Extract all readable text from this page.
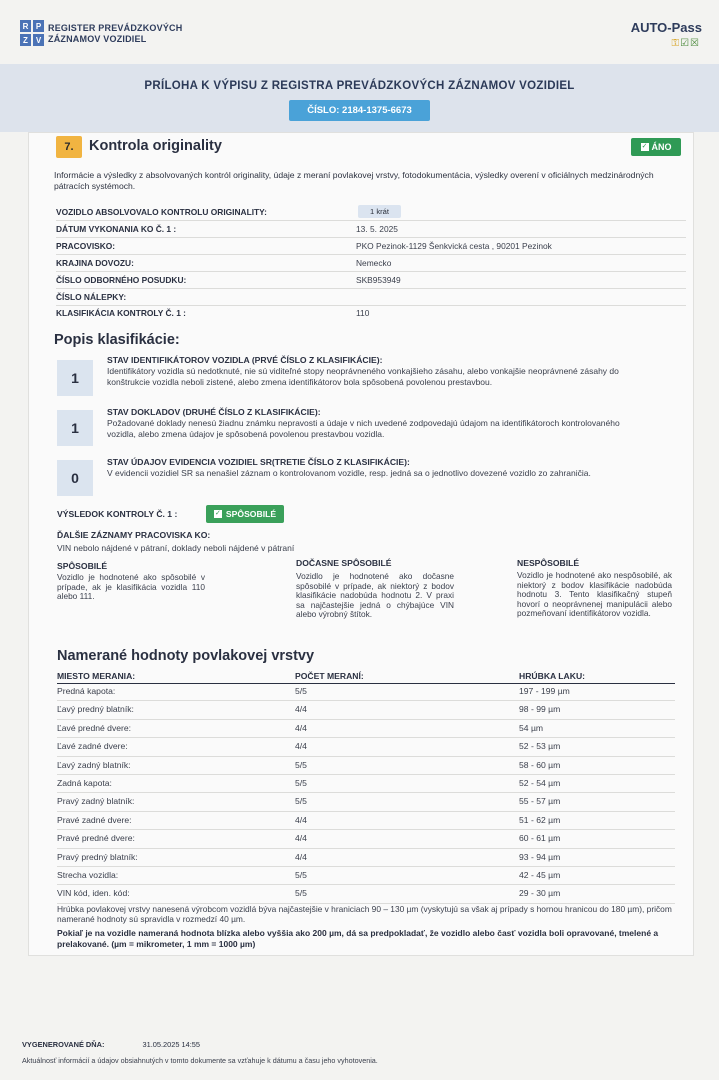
R P
Z V
REGISTER PREVÁDZKOVÝCH
ZÁZNAMOV VOZIDIEL
AUTO-Pass
⚿☑☒
PRÍLOHA K VÝPISU Z REGISTRA PREVÁDZKOVÝCH ZÁZNAMOV VOZIDIEL
ČÍSLO: 2184-1375-6673
7.	Kontrola originality	✓ ÁNO
Informácie a výsledky z absolvovaných kontról originality, údaje z meraní povlakovej vrstvy, fotodokumentácia, výsledky overení v oficiálnych medzinárodných pátracích systémoch.
VOZIDLO ABSOLVOVALO KONTROLU ORIGINALITY:	1 krát
DÁTUM VYKONANIA KO Č. 1 :	13. 5. 2025
PRACOVISKO:	PKO Pezinok-1129 Šenkvická cesta , 90201 Pezinok
KRAJINA DOVOZU:	Nemecko
ČÍSLO ODBORNÉHO POSUDKU:	SKB953949
ČÍSLO NÁLEPKY:
KLASIFIKÁCIA KONTROLY Č. 1 :	110
Popis klasifikácie:
1
STAV IDENTIFIKÁTOROV VOZIDLA (PRVÉ ČÍSLO Z KLASIFIKÁCIE):
Identifikátory vozidla sú nedotknuté, nie sú viditeľné stopy neoprávneného vonkajšieho zásahu, alebo vonkajšie neoprávnené zásahy do konštrukcie vozidla neboli zistené, alebo zmena identifikátorov bola spôsobená povolenou prestavbou.
1
STAV DOKLADOV (DRUHÉ ČÍSLO Z KLASIFIKÁCIE):
Požadované doklady nenesú žiadnu známku nepravosti a údaje v nich uvedené zodpovedajú údajom na identifikátoroch kontrolovaného vozidla, alebo zmena údajov je spôsobená povolenou prestavbou vozidla.
0
STAV ÚDAJOV EVIDENCIA VOZIDIEL SR(TRETIE ČÍSLO Z KLASIFIKÁCIE):
V evidencii vozidiel SR sa nenašiel záznam o kontrolovanom vozidle, resp. jedná sa o jednotlivo dovezené vozidlo zo zahraničia.
VÝSLEDOK KONTROLY Č. 1 :	✓ SPÔSOBILÉ
ĎALŠIE ZÁZNAMY PRACOVISKA KO:
VIN nebolo nájdené v pátraní, doklady neboli nájdené v pátraní
SPÔSOBILÉ
Vozidlo je hodnotené ako spôsobilé v prípade, ak je klasifikácia vozidla 110 alebo 111.
DOČASNE SPÔSOBILÉ
Vozidlo je hodnotené ako dočasne spôsobilé v prípade, ak niektorý z bodov klasifikácie nadobúda hodnotu 2. V praxi sa najčastejšie jedná o chýbajúce VIN alebo výrobný štítok.
NESPÔSOBILÉ
Vozidlo je hodnotené ako nespôsobilé, ak niektorý z bodov klasifikácie nadobúda hodnotu 3. Tento klasifikačný stupeň hovorí o neoprávnenej manipulácii alebo pozmeňovaní identifikátorov vozidla.
Namerané hodnoty povlakovej vrstvy
MIESTO MERANIA:	POČET MERANÍ:	HRÚBKA LAKU:
Predná kapota:	5/5	197 - 199 µm
Ľavý predný blatník:	4/4	98 - 99 µm
Ľavé predné dvere:	4/4	54 µm
Ľavé zadné dvere:	4/4	52 - 53 µm
Ľavý zadný blatník:	5/5	58 - 60 µm
Zadná kapota:	5/5	52 - 54 µm
Pravý zadný blatník:	5/5	55 - 57 µm
Pravé zadné dvere:	4/4	51 - 62 µm
Pravé predné dvere:	4/4	60 - 61 µm
Pravý predný blatník:	4/4	93 - 94 µm
Strecha vozidla:	5/5	42 - 45 µm
VIN kód, iden. kód:	5/5	29 - 30 µm
Hrúbka povlakovej vrstvy nanesená výrobcom vozidlá býva najčastejšie v hraniciach 90 – 130 µm (vyskytujú sa však aj prípady s hornou hranicou do 180 µm), pričom namerané hodnoty sú spravidla v rozmedzí 40 µm.
Pokiaľ je na vozidle nameraná hodnota blízka alebo vyššia ako 200 µm, dá sa predpokladať, že vozidlo alebo časť vozidla boli opravované, tmelené a prelakované. (µm = mikrometer, 1 mm = 1000 µm)
VYGENEROVANÉ DŇA:	31.05.2025 14:55
Aktuálnosť informácií a údajov obsiahnutých v tomto dokumente sa vzťahuje k dátumu a času jeho vyhotovenia.
